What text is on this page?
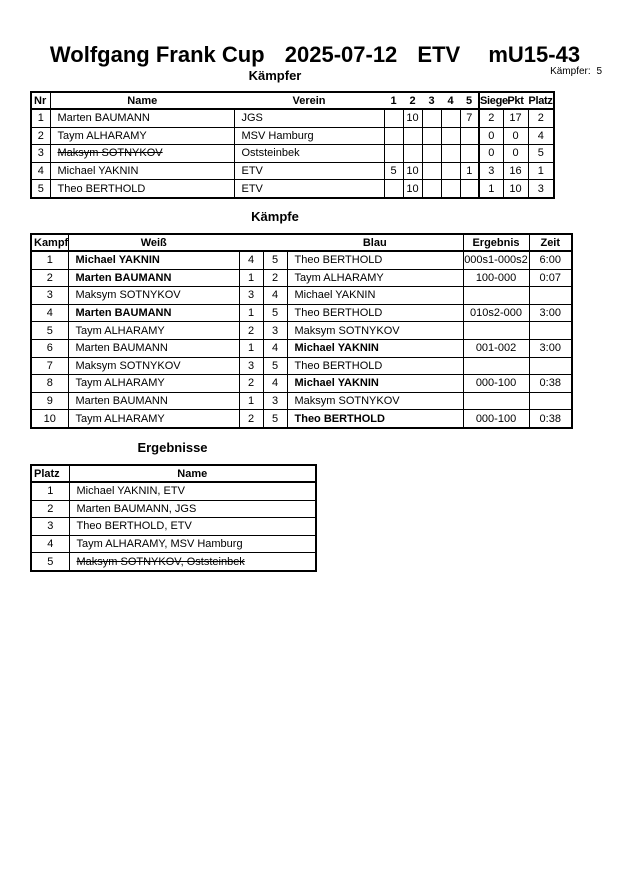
Wolfgang Frank Cup 2025-07-12 ETV mU15-43
Kämpfer: 5
Kämpfer
Nr	Name	Verein	1	2	3	4	5	Siege	Pkt	Platz
1	Marten BAUMANN	JGS		10			7	2	17	2
2	Taym ALHARAMY	MSV Hamburg						0	0	4
3	Maksym SOTNYKOV	Oststeinbek						0	0	5
4	Michael YAKNIN	ETV	5	10			1	3	16	1
5	Theo BERTHOLD	ETV		10				1	10	3
Kämpfe
Kampf	Weiß			Blau	Ergebnis	Zeit
1	Michael YAKNIN	4	5	Theo BERTHOLD	000s1-000s2	6:00
2	Marten BAUMANN	1	2	Taym ALHARAMY	100-000	0:07
3	Maksym SOTNYKOV	3	4	Michael YAKNIN		
4	Marten BAUMANN	1	5	Theo BERTHOLD	010s2-000	3:00
5	Taym ALHARAMY	2	3	Maksym SOTNYKOV		
6	Marten BAUMANN	1	4	Michael YAKNIN	001-002	3:00
7	Maksym SOTNYKOV	3	5	Theo BERTHOLD		
8	Taym ALHARAMY	2	4	Michael YAKNIN	000-100	0:38
9	Marten BAUMANN	1	3	Maksym SOTNYKOV		
10	Taym ALHARAMY	2	5	Theo BERTHOLD	000-100	0:38
Ergebnisse
Platz	Name
1	Michael YAKNIN, ETV
2	Marten BAUMANN, JGS
3	Theo BERTHOLD, ETV
4	Taym ALHARAMY, MSV Hamburg
5	Maksym SOTNYKOV, Oststeinbek
